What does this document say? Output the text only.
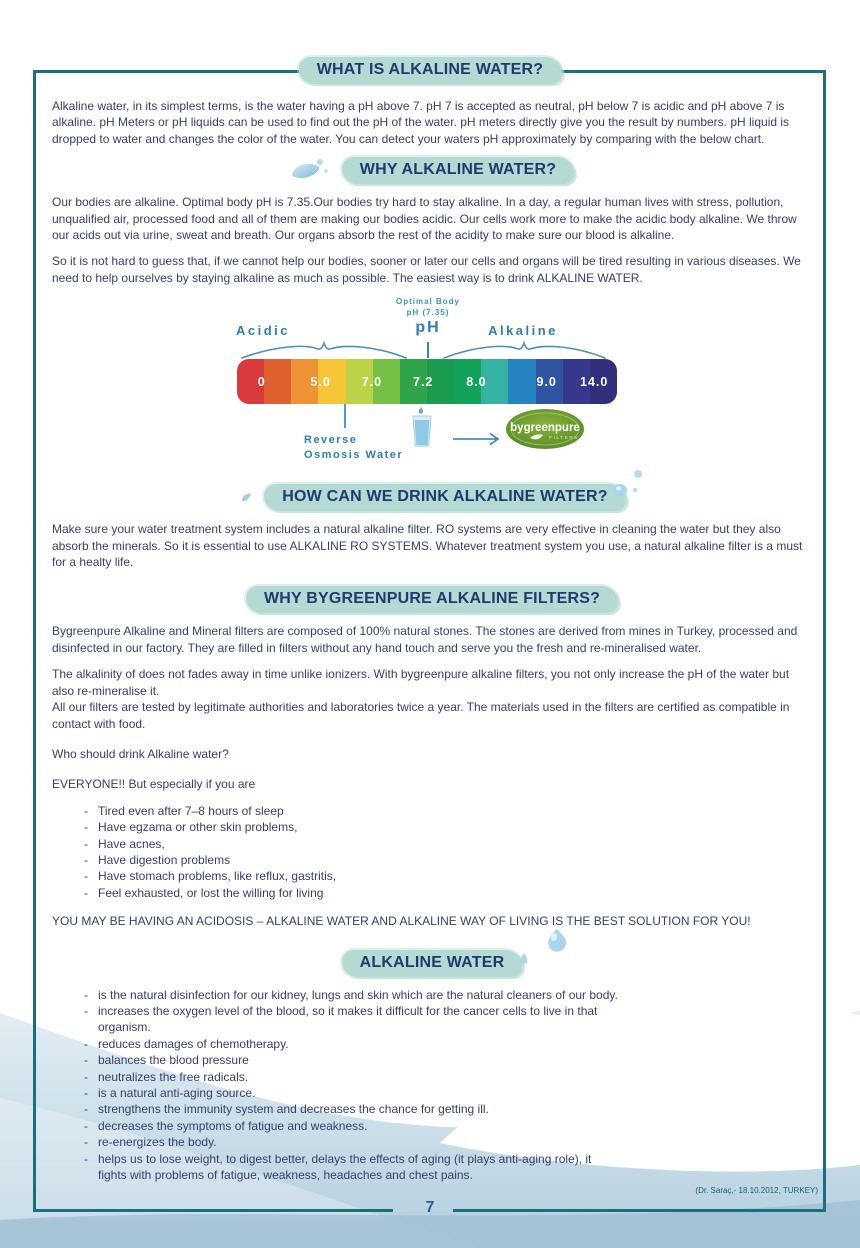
WHAT IS ALKALINE WATER?

Alkaline water, in its simplest terms, is the water having a pH above 7. pH 7 is accepted as neutral, pH below 7 is acidic and pH above 7 is alkaline. pH Meters or pH liquids can be used to find out the pH of the water. pH meters directly give you the result by numbers. pH liquid is dropped to water and changes the color of the water. You can detect your waters pH approximately by comparing with the below chart.

WHY ALKALINE WATER?

Our bodies are alkaline. Optimal body pH is 7.35.Our bodies try hard to stay alkaline. In a day, a regular human lives with stress, pollution, unqualified air, processed food and all of them are making our bodies acidic. Our cells work more to make the acidic body alkaline. We throw our acids out via urine, sweat and breath. Our organs absorb the rest of the acidity to make sure our blood is alkaline.

So it is not hard to guess that, if we cannot help our bodies, sooner or later our cells and organs will be tired resulting in various diseases. We need to help ourselves by staying alkaline as much as possible. The easiest way is to drink ALKALINE WATER.

Optimal Body
pH (7.35)
pH
Acidic	Alkaline
0	5.0 7.0 7.2	8.0	9.0 14.0
Reverse
Osmosis Water
bygreenpure
FILTERS
HOW CAN WE DRINK ALKALINE WATER?

Make sure your water treatment system includes a natural alkaline filter. RO systems are very effective in cleaning the water but they also absorb the minerals. So it is essential to use ALKALINE RO SYSTEMS. Whatever treatment system you use, a natural alkaline filter is a must for a healty life.

WHY BYGREENPURE ALKALINE FILTERS?

Bygreenpure Alkaline and Mineral filters are composed of 100% natural stones. The stones are derived from mines in Turkey, processed and disinfected in our factory. They are filled in filters without any hand touch and serve you the fresh and re-mineralised water.

The alkalinity of does not fades away in time unlike ionizers. With bygreenpure alkaline filters, you not only increase the pH of the water but also re-mineralise it.
All our filters are tested by legitimate authorities and laboratories twice a year. The materials used in the filters are certified as compatible in contact with food.

Who should drink Alkaline water?

EVERYONE!! But especially if you are

- Tired even after 7–8 hours of sleep
- Have egzama or other skin problems,
- Have acnes,
- Have digestion problems
- Have stomach problems, like reflux, gastritis,
- Feel exhausted, or lost the willing for living

YOU MAY BE HAVING AN ACIDOSIS – ALKALINE WATER AND ALKALINE WAY OF LIVING IS THE BEST SOLUTION FOR YOU!

ALKALINE WATER
- is the natural disinfection for our kidney, lungs and skin which are the natural cleaners of our body.
- increases the oxygen level of the blood, so it makes it difficult for the cancer cells to live in that organism.
- reduces damages of chemotherapy.
- balances the blood pressure
- neutralizes the free radicals.
- is a natural anti-aging source.
- strengthens the immunity system and decreases the chance for getting ill.
- decreases the symptoms of fatigue and weakness.
- re-energizes the body.
- helps us to lose weight, to digest better, delays the effects of aging (it plays anti-aging role), it fights with problems of fatigue, weakness, headaches and chest pains.
(Dr. Saraç,- 18.10.2012, TURKEY)
7
